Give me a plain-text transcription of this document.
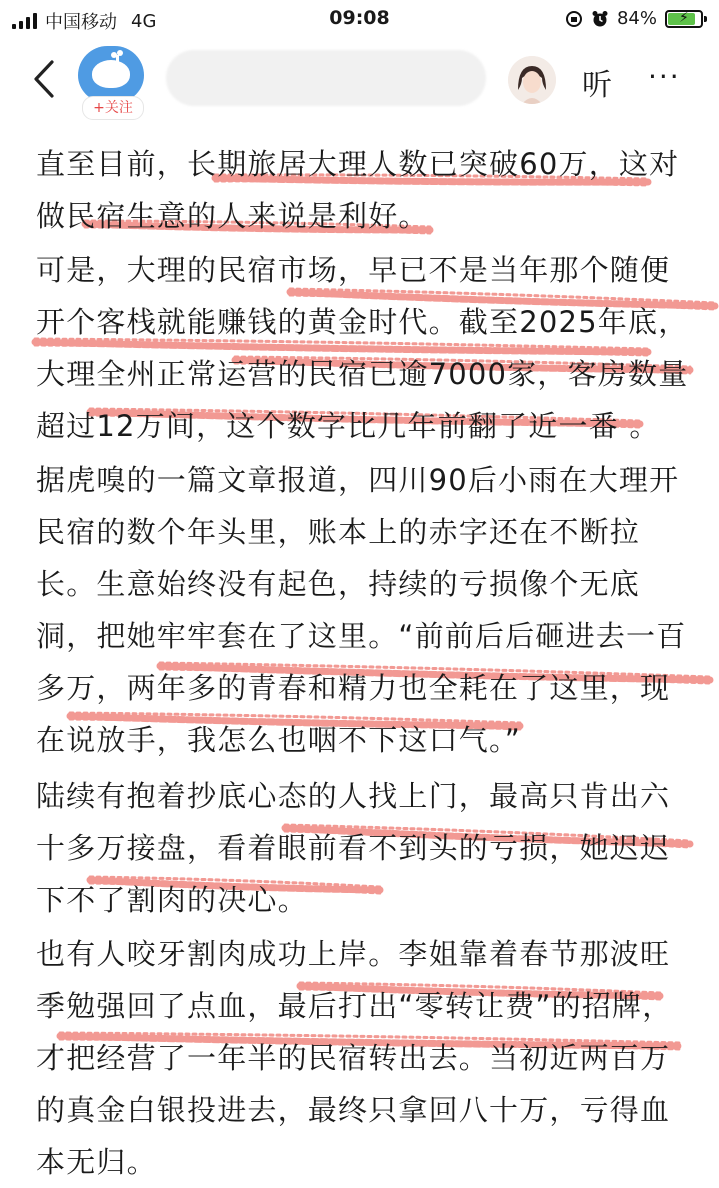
中国移动 4G	09:08	84% ⚡
+关注
听 ···

直至目前，长期旅居大理人数已突破60万，这对做民宿生意的人来说是利好。

可是，大理的民宿市场，早已不是当年那个随便开个客栈就能赚钱的黄金时代。截至2025年底，大理全州正常运营的民宿已逾7000家，客房数量超过12万间，这个数字比几年前翻了近一番 。

据虎嗅的一篇文章报道，四川90后小雨在大理开民宿的数个年头里，账本上的赤字还在不断拉长。生意始终没有起色，持续的亏损像个无底洞，把她牢牢套在了这里。“前前后后砸进去一百多万，两年多的青春和精力也全耗在了这里，现在说放手，我怎么也咽不下这口气。”

陆续有抱着抄底心态的人找上门，最高只肯出六十多万接盘，看着眼前看不到头的亏损，她迟迟下不了割肉的决心。

也有人咬牙割肉成功上岸。李姐靠着春节那波旺季勉强回了点血，最后打出“零转让费”的招牌，才把经营了一年半的民宿转出去。当初近两百万的真金白银投进去，最终只拿回八十万，亏得血本无归。
